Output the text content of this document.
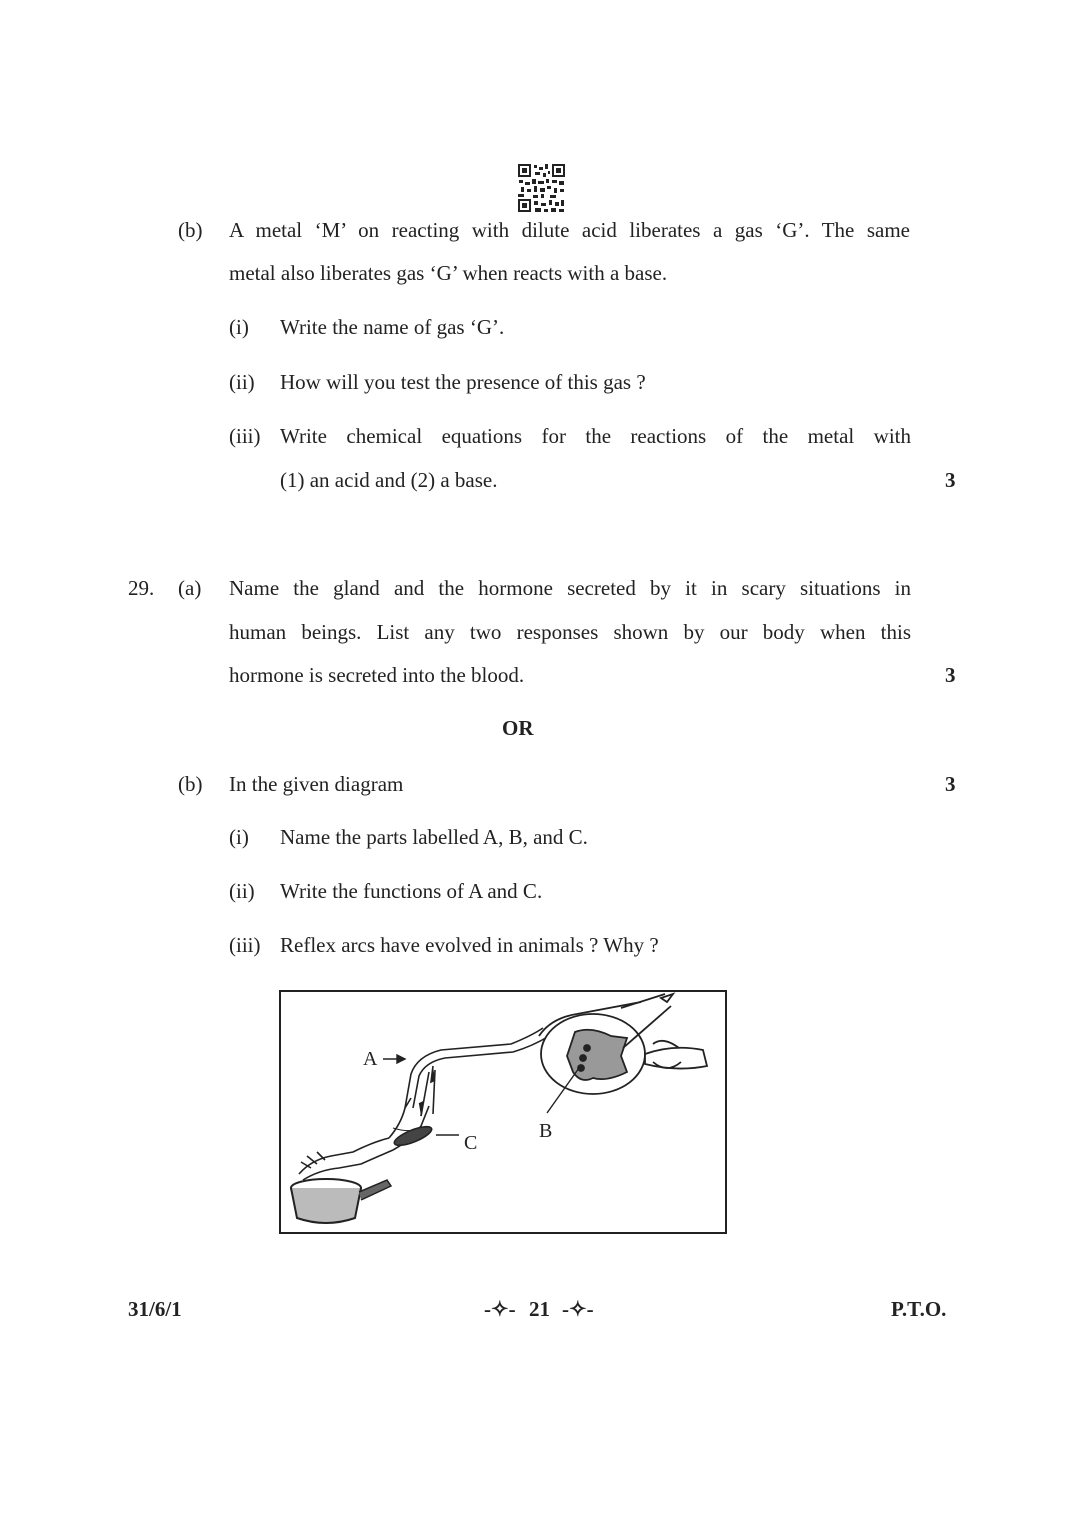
(b) A metal ‘M’ on reacting with dilute acid liberates a gas ‘G’. The same
metal also liberates gas ‘G’ when reacts with a base.
(i) Write the name of gas ‘G’.
(ii) How will you test the presence of this gas ?
(iii) Write chemical equations for the reactions of the metal with
(1) an acid and (2) a base.	3
29. (a) Name the gland and the hormone secreted by it in scary situations in
human beings. List any two responses shown by our body when this
hormone is secreted into the blood.	3
OR
(b) In the given diagram	3
(i) Name the parts labelled A, B, and C.
(ii) Write the functions of A and C.
(iii) Reflex arcs have evolved in animals ? Why ?
A
B
C
31/6/1	-✧- 21 -✧-	P.T.O.
